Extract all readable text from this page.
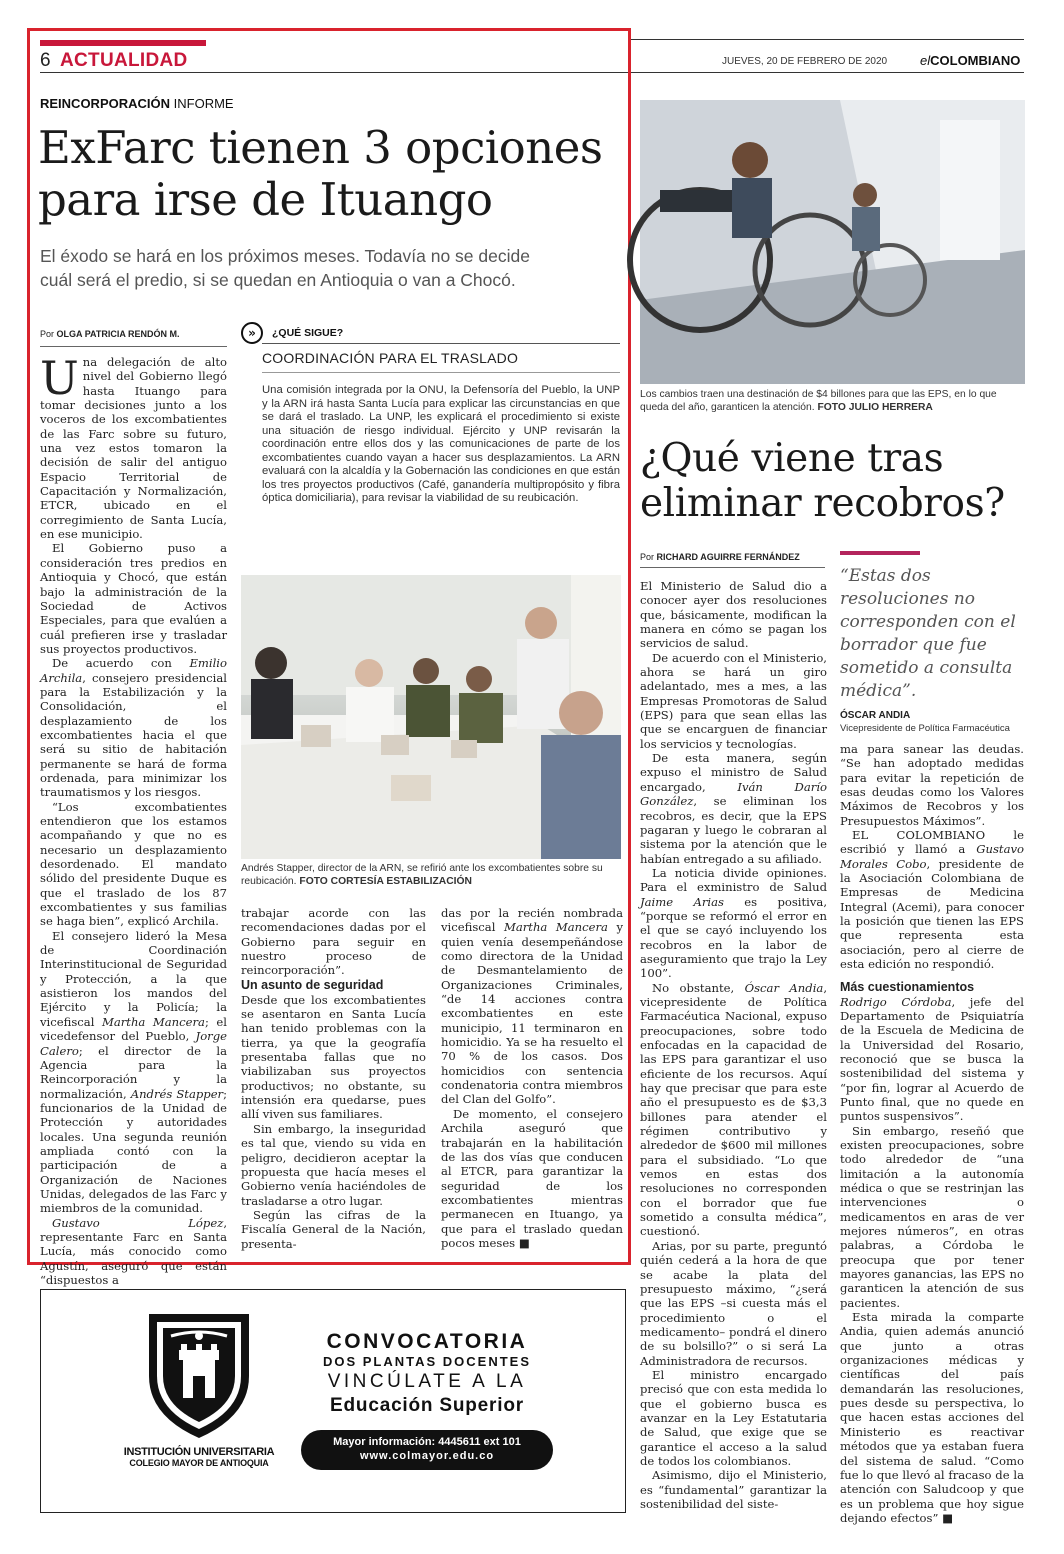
6 ACTUALIDAD	JUEVES, 20 DE FEBRERO DE 2020	elCOLOMBIANO
REINCORPORACIÓN INFORME
ExFarc tienen 3 opciones
para irse de Ituango
El éxodo se hará en los próximos meses. Todavía no se decide
cuál será el predio, si se quedan en Antioquia o van a Chocó.
Por OLGA PATRICIA RENDÓN M.

Una delegación de alto nivel del Gobierno llegó hasta Ituango para tomar decisiones junto a los voceros de los excombatientes de las Farc sobre su futuro, una vez estos tomaron la decisión de salir del antiguo Espacio Territorial de Capacitación y Normalización, ETCR, ubicado en el corregimiento de Santa Lucía, en ese municipio.

El Gobierno puso a consideración tres predios en Antioquia y Chocó, que están bajo la administración de la Sociedad de Activos Especiales, para que evalúen a cuál prefieren irse y trasladar sus proyectos productivos.

De acuerdo con Emilio Archila, consejero presidencial para la Estabilización y la Consolidación, el desplazamiento de los excombatientes hacia el que será su sitio de habitación permanente se hará de forma ordenada, para minimizar los traumatismos y los riesgos.

“Los excombatientes entendieron que los estamos acompañando y que no es necesario un desplazamiento desordenado. El mandato sólido del presidente Duque es que el traslado de los 87 excombatientes y sus familias se haga bien”, explicó Archila.

El consejero lideró la Mesa de Coordinación Interinstitucional de Seguridad y Protección, a la que asistieron los mandos del Ejército y la Policía; la vicefiscal Martha Mancera; el vicedefensor del Pueblo, Jorge Calero; el director de la Agencia para la Reincorporación y la normalización, Andrés Stapper; funcionarios de la Unidad de Protección y autoridades locales. Una segunda reunión ampliada contó con la participación de a Organización de Naciones Unidas, delegados de las Farc y miembros de la comunidad.

Gustavo López, representante Farc en Santa Lucía, más conocido como Agustín, aseguró que están “dispuestos a

»	¿QUÉ SIGUE?
COORDINACIÓN PARA EL TRASLADO
Una comisión integrada por la ONU, la Defensoría del Pueblo, la UNP y la ARN irá hasta Santa Lucía para explicar las circunstancias en que se dará el traslado. La UNP, les explicará el procedimiento si existe una situación de riesgo individual. Ejército y UNP revisarán la coordinación entre ellos dos y las comunicaciones de parte de los excombatientes cuando vayan a hacer sus desplazamientos. La ARN evaluará con la alcaldía y la Gobernación las condiciones en que están los tres proyectos productivos (Café, ganandería multipropósito y fibra óptica domiciliaria), para revisar la viabilidad de su reubicación.
Andrés Stapper, director de la ARN, se refirió ante los excombatientes sobre su reubicación. FOTO CORTESÍA ESTABILIZACIÓN

trabajar acorde con las recomendaciones dadas por el Gobierno para seguir en nuestro proceso de reincorporación”.

Un asunto de seguridad

Desde que los excombatientes se asentaron en Santa Lucía han tenido problemas con la tierra, ya que la geografía presentaba fallas que no viabilizaban sus proyectos productivos; no obstante, su intensión era quedarse, pues allí viven sus familiares.

Sin embargo, la inseguridad es tal que, viendo su vida en peligro, decidieron aceptar la propuesta que hacía meses el Gobierno venía haciéndoles de trasladarse a otro lugar.

Según las cifras de la Fiscalía General de la Nación, presenta-

das por la recién nombrada vicefiscal Martha Mancera y quien venía desempeñándose como directora de la Unidad de Desmantelamiento de Organizaciones Criminales, “de 14 acciones contra excombatientes en este municipio, 11 terminaron en homicidio. Ya se ha resuelto el 70 % de los casos. Dos homicidios con sentencia condenatoria contra miembros del Clan del Golfo”.

De momento, el consejero Archila aseguró que trabajarán en la habilitación de las dos vías que conducen al ETCR, para garantizar la seguridad de los excombatientes mientras permanecen en Ituango, ya que para el traslado quedan pocos meses ■

Los cambios traen una destinación de $4 billones para que las EPS, en lo que queda del año, garanticen la atención. FOTO JULIO HERRERA
¿Qué viene tras
eliminar recobros?
Por RICHARD AGUIRRE FERNÁNDEZ
“Estas dos resoluciones no corresponden con el borrador que fue sometido a consulta médica”.
ÓSCAR ANDIA
Vicepresidente de Política Farmacéutica

El Ministerio de Salud dio a conocer ayer dos resoluciones que, básicamente, modifican la manera en cómo se pagan los servicios de salud.

De acuerdo con el Ministerio, ahora se hará un giro adelantado, mes a mes, a las Empresas Promotoras de Salud (EPS) para que sean ellas las que se encarguen de financiar los servicios y tecnologías.

De esta manera, según expuso el ministro de Salud encargado,	Iván Darío González, se eliminan los recobros, es decir, que la EPS pagaran y luego le cobraran al sistema por la atención que le habían entregado a su afiliado.

La noticia divide opiniones. Para el exministro de Salud Jaime Arias es positiva, “porque se reformó el error en el que se cayó incluyendo los recobros en la labor de aseguramiento que trajo la Ley 100”.

No obstante, Óscar Andia, vicepresidente de Política Farmacéutica Nacional, expuso preocupaciones, sobre todo enfocadas en la capacidad de las EPS para garantizar el uso eficiente de los recursos. Aquí hay que precisar que para este año el presupuesto es de $3,3 billones para atender el régimen contributivo y alrededor de $600 mil millones para el subsidiado. “Lo que vemos en estas dos resoluciones no corresponden con el borrador que fue sometido a consulta médica”, cuestionó.

Arias, por su parte, preguntó quién cederá a la hora de que se acabe la plata del presupuesto máximo, “¿será que las EPS –si cuesta más el procedimiento o el medicamento– pondrá el dinero de su bolsillo?” o si será La Administradora de recursos.

El ministro encargado precisó que con esta medida lo que el gobierno busca es avanzar en la Ley Estatutaria de Salud, que exige que se garantice el acceso a la salud de todos los colombianos.

Asimismo, dijo el Ministerio, es “fundamental” garantizar la sostenibilidad del siste-

ma para sanear las deudas. “Se han adoptado medidas para evitar la repetición de esas deudas como los Valores Máximos de Recobros y los Presupuestos Máximos”.

EL COLOMBIANO le escribió y llamó a Gustavo Morales Cobo, presidente de la Asociación Colombiana de Empresas de Medicina Integral (Acemi), para conocer la posición que tienen las EPS que representa esta asociación, pero al cierre de esta edición no respondió.

Más cuestionamientos

Rodrigo Córdoba, jefe del Departamento de Psiquiatría de la Escuela de Medicina de la Universidad del Rosario, reconoció que se busca la sostenibilidad del sistema y “por fin, lograr al Acuerdo de Punto final, que no quede en puntos suspensivos”.

Sin embargo, reseñó que existen preocupaciones, sobre todo alrededor de “una limitación a la autonomía médica o que se restrinjan las intervenciones o medicamentos en aras de ver mejores números”, en otras palabras, a Córdoba le preocupa que por tener mayores ganancias, las EPS no garanticen la atención de sus pacientes.

Esta mirada la comparte Andia, quien además anunció que junto a otras organizaciones médicas y científicas del país demandarán las resoluciones, pues desde su perspectiva, lo que hacen estas acciones del Ministerio es reactivar métodos que ya estaban fuera del sistema de salud. “Como fue lo que llevó al fracaso de la atención con Saludcoop y que es un problema que hoy sigue dejando efectos” ■

INSTITUCIÓN UNIVERSITARIA
COLEGIO MAYOR DE ANTIOQUIA
CONVOCATORIA
DOS PLANTAS DOCENTES
VINCÚLATE A LA
Educación Superior
Mayor información: 4445611 ext 101
www.colmayor.edu.co
